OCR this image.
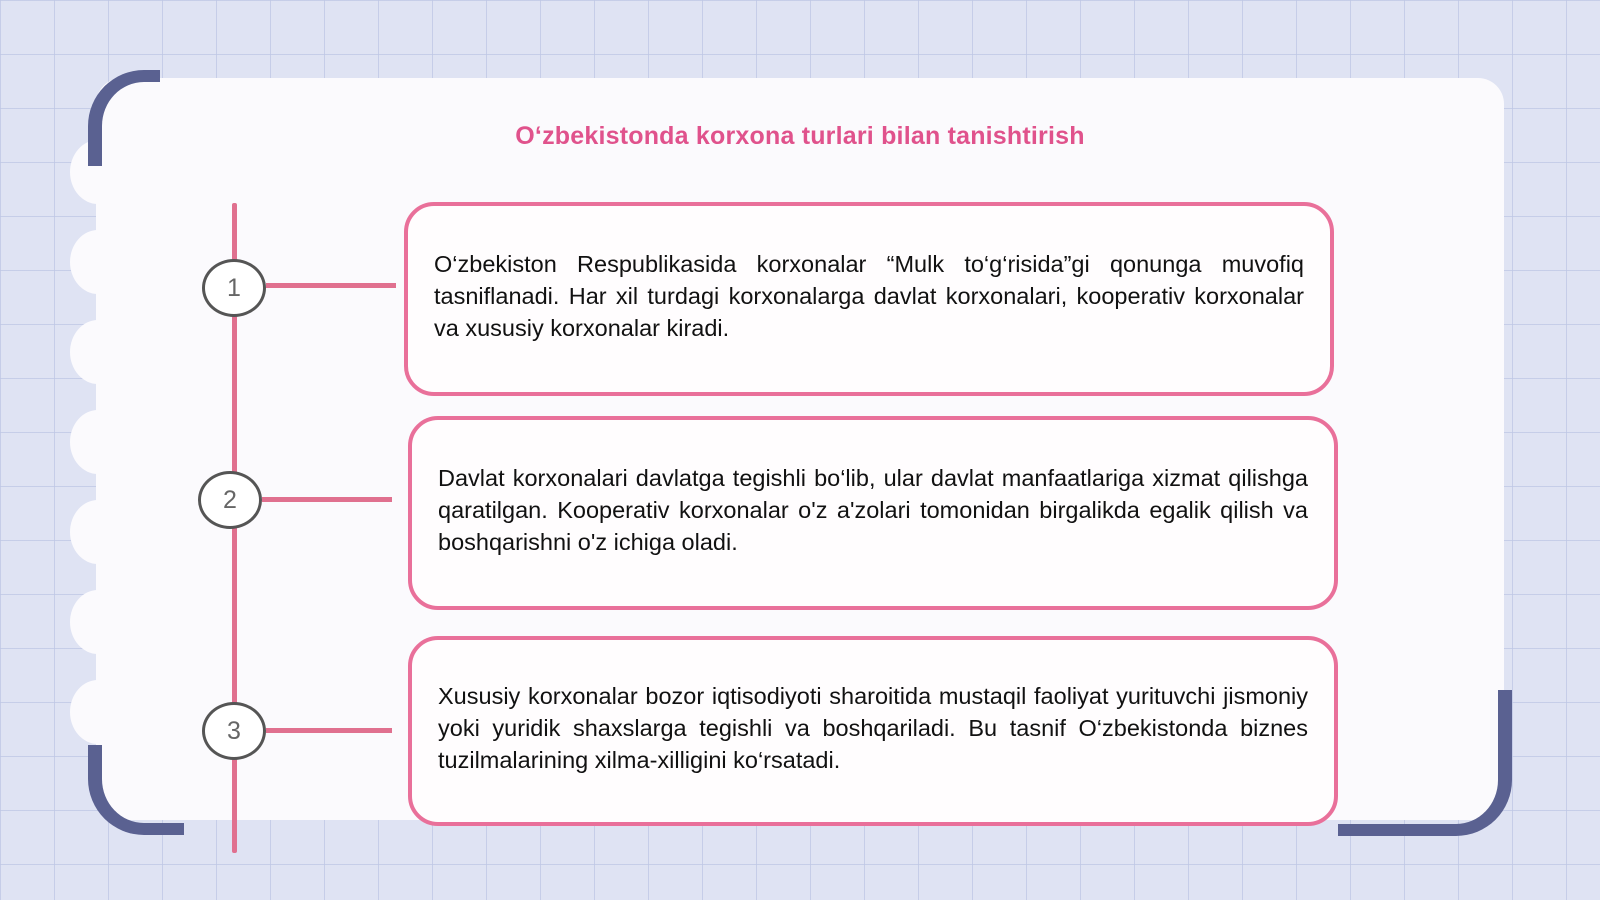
O‘zbekistonda korxona turlari bilan tanishtirish
1
O‘zbekiston Respublikasida korxonalar “Mulk to‘g‘risida”gi qonunga muvofiq tasniflanadi. Har xil turdagi korxonalarga davlat korxonalari, kooperativ korxonalar va xususiy korxonalar kiradi.
2
Davlat korxonalari davlatga tegishli bo‘lib, ular davlat manfaatlariga xizmat qilishga qaratilgan. Kooperativ korxonalar o'z a'zolari tomonidan birgalikda egalik qilish va boshqarishni o'z ichiga oladi.
3
Xususiy korxonalar bozor iqtisodiyoti sharoitida mustaqil faoliyat yurituvchi jismoniy yoki yuridik shaxslarga tegishli va boshqariladi. Bu tasnif O‘zbekistonda biznes tuzilmalarining xilma-xilligini ko‘rsatadi.
